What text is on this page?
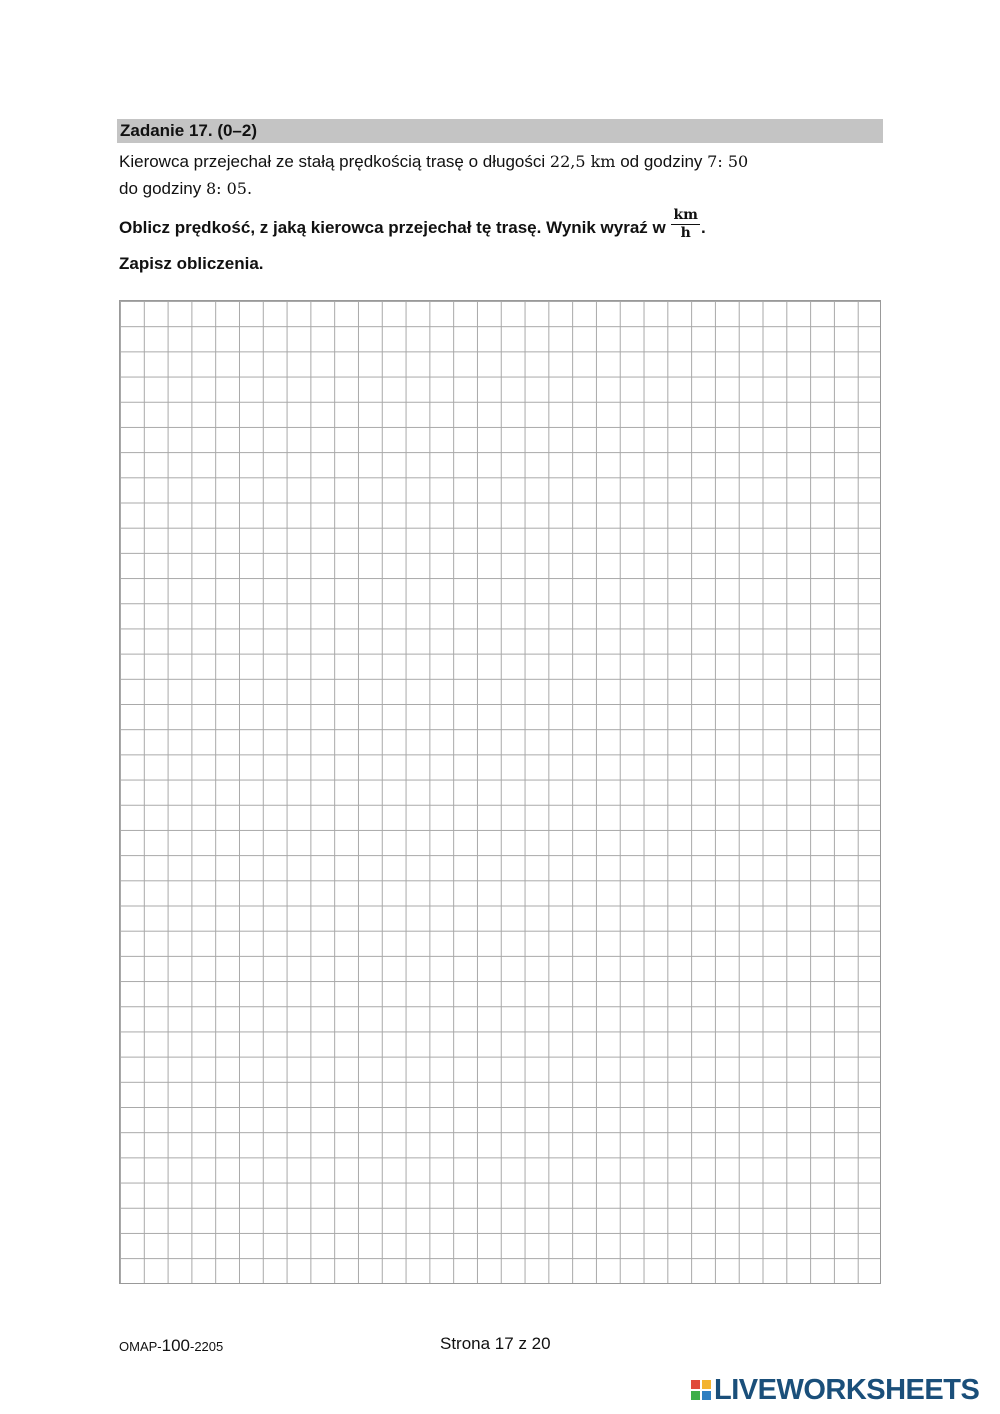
Zadanie 17. (0–2)
Kierowca przejechał ze stałą prędkością trasę o długości 22,5 km od godziny 7: 50
do godziny 8: 05.
Oblicz prędkość, z jaką kierowca przejechał tę trasę. Wynik wyraź w $\frac{km}{h}$ .
Zapisz obliczenia.
OMAP-100-2205	Strona 17 z 20
LIVEWORKSHEETS
